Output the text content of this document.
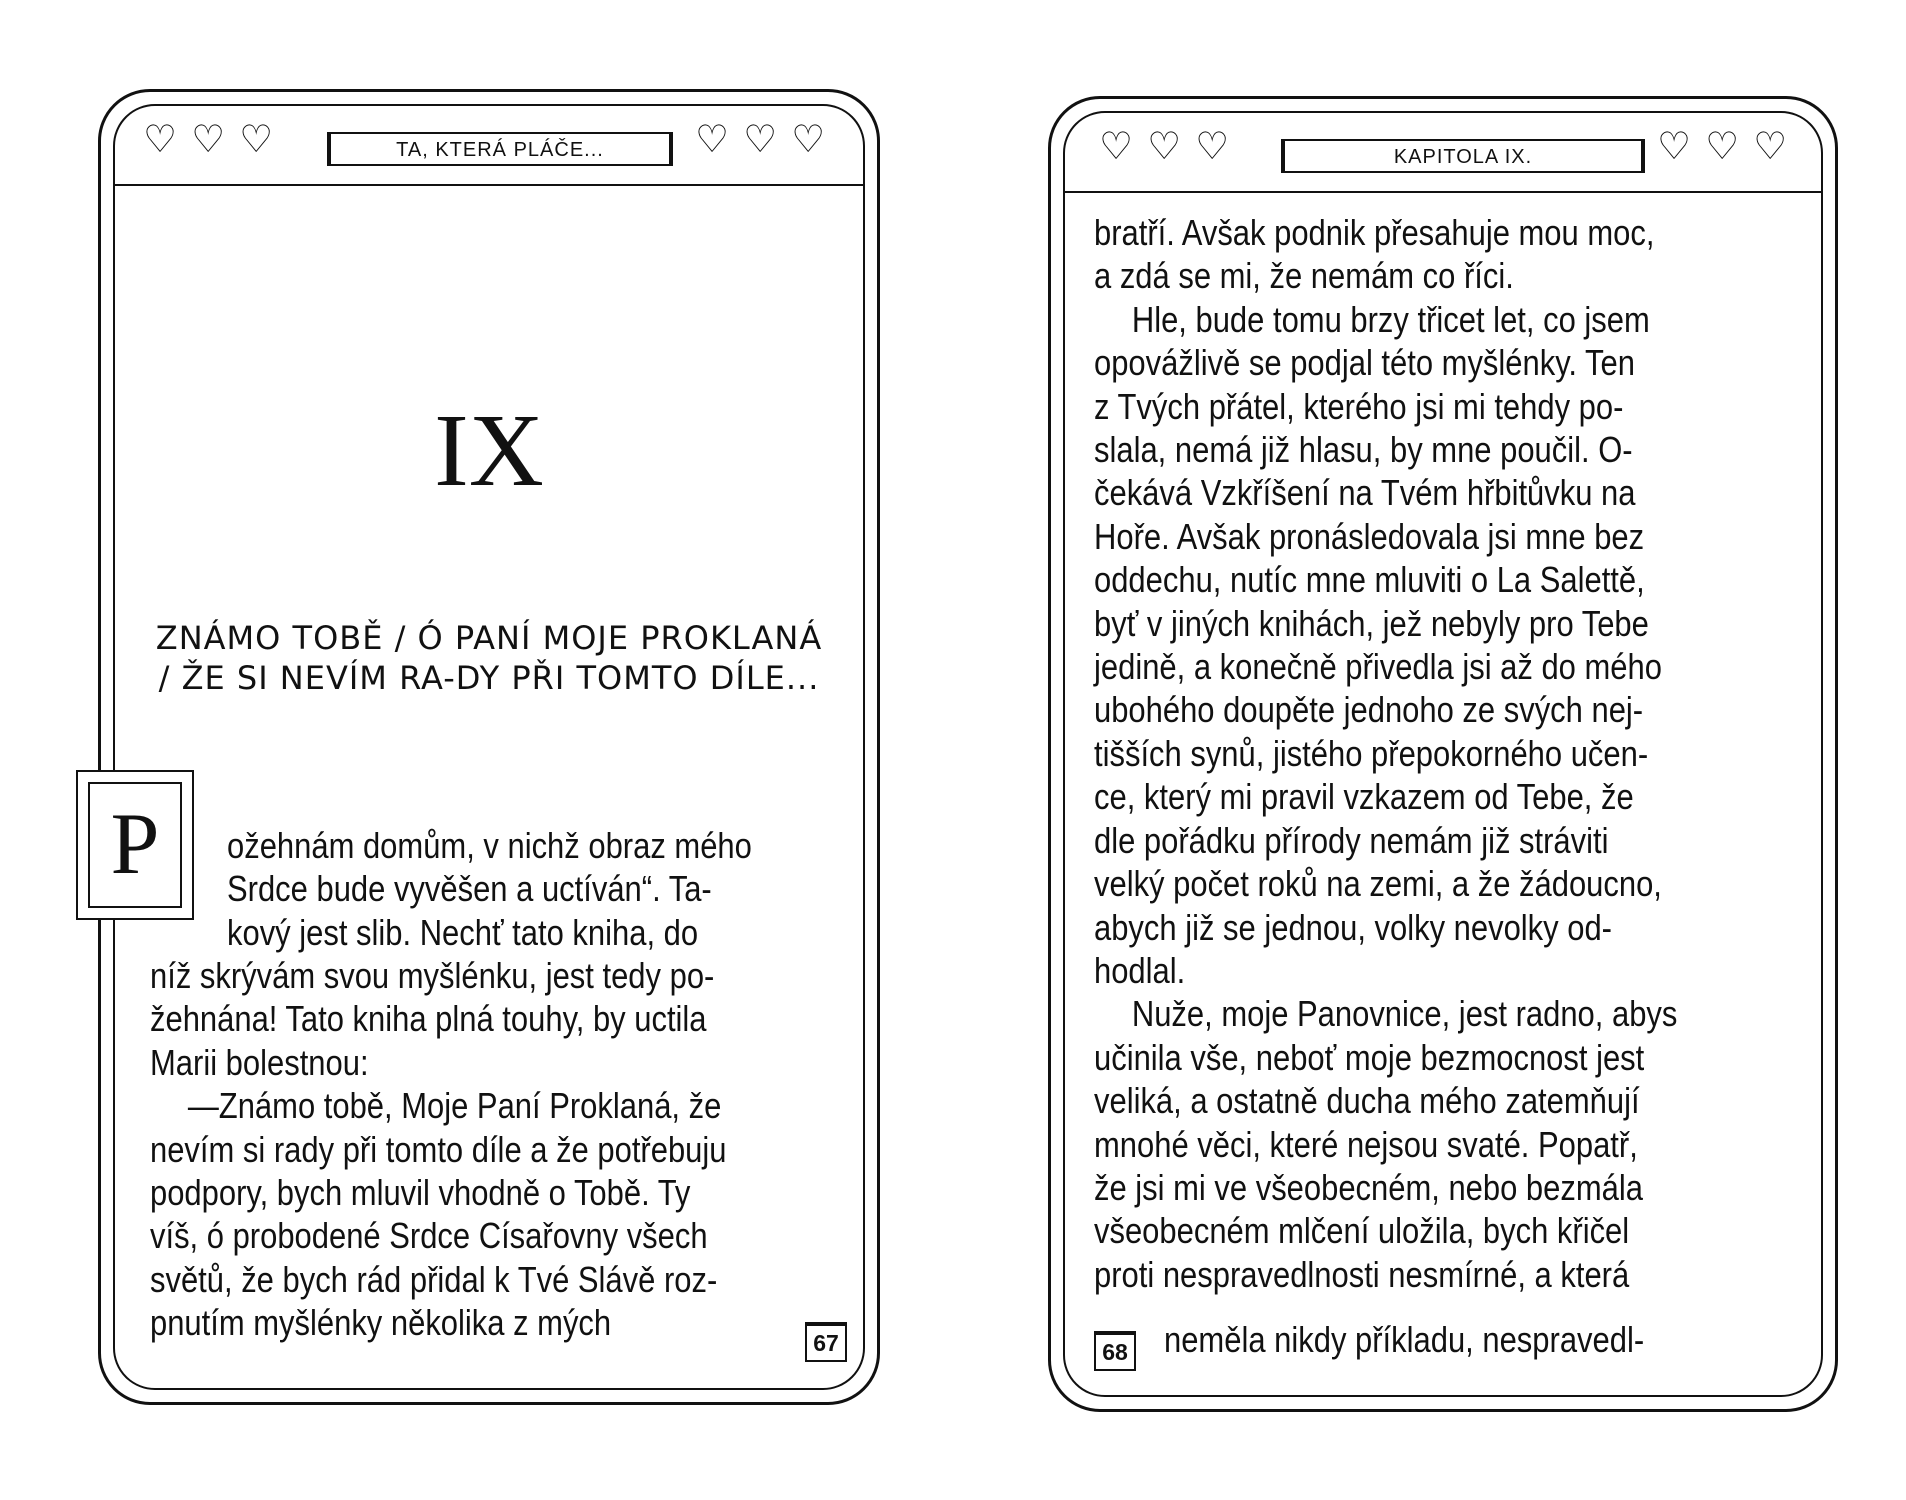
♡♡♡	TA, KTERÁ PLÁČE...	♡♡♡
IX
ZNÁMO TOBĚ / Ó PANÍ MOJE PROKLANÁ / ŽE SI NEVÍM RA-DY PŘI TOMTO DÍLE...

ožehnám domům, v nichž obraz mého

Srdce bude vyvěšen a uctíván“. Ta-

kový jest slib. Nechť tato kniha, do

níž skrývám svou myšlénku, jest tedy po-

žehnána! Tato kniha plná touhy, by uctila

Marii bolestnou:

—Známo tobě, Moje Paní Proklaná, že

nevím si rady při tomto díle a že potřebuju

podpory, bych mluvil vhodně o Tobě. Ty

víš, ó probodené Srdce Císařovny všech

světů, že bych rád přidal k Tvé Slávě roz-

pnutím myšlénky několika z mých	67
P
♡♡♡	KAPITOLA IX.	♡♡♡

bratří. Avšak podnik přesahuje mou moc,

a zdá se mi, že nemám co říci.

Hle, bude tomu brzy třicet let, co jsem

opovážlivě se podjal této myšlénky. Ten

z Tvých přátel, kterého jsi mi tehdy po-

slala, nemá již hlasu, by mne poučil. O-

čekává Vzkříšení na Tvém hřbitůvku na

Hoře. Avšak pronásledovala jsi mne bez

oddechu, nutíc mne mluviti o La Salettě,

byť v jiných knihách, jež nebyly pro Tebe

jedině, a konečně přivedla jsi až do mého

ubohého doupěte jednoho ze svých nej-

tišších synů, jistého přepokorného učen-

ce, který mi pravil vzkazem od Tebe, že

dle pořádku přírody nemám již stráviti

velký počet roků na zemi, a že žádoucno,

abych již se jednou, volky nevolky od-

hodlal.

Nuže, moje Panovnice, jest radno, abys

učinila vše, neboť moje bezmocnost jest

veliká, a ostatně ducha mého zatemňují

mnohé věci, které nejsou svaté. Popatř,

že jsi mi ve všeobecném, nebo bezmála

všeobecném mlčení uložila, bych křičel

proti nespravedlnosti nesmírné, a která

68 neměla nikdy příkladu, nespravedl-
